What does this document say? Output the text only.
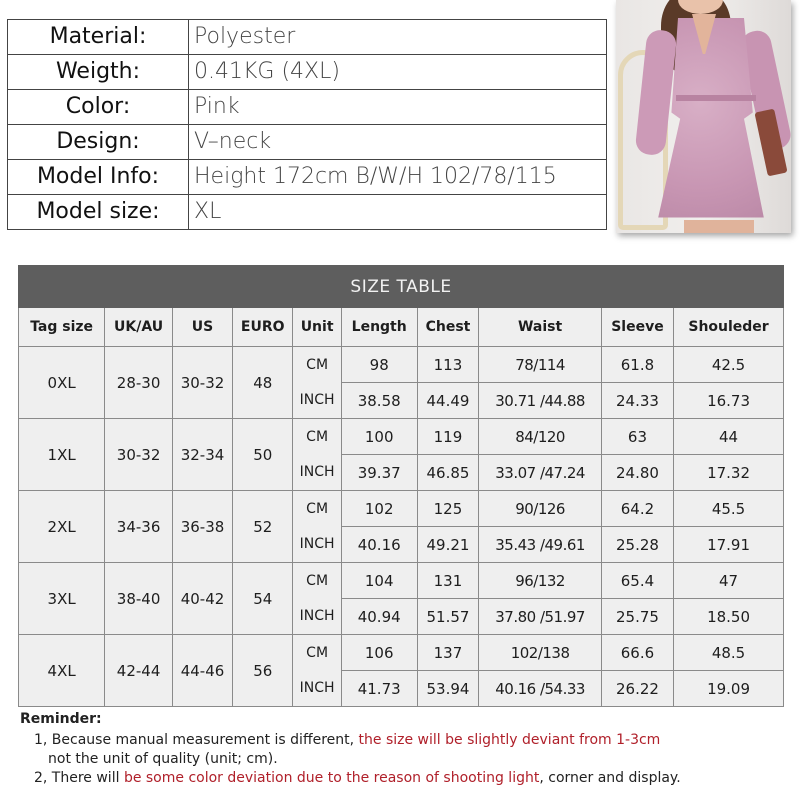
Material:	Polyester
Weigth:	0.41KG (4XL)
Color:	Pink
Design:	V–neck
Model Info:	Height 172cm B/W/H 102/78/115
Model size:	XL
SIZE TABLE									
Tag size	UK/AU	US	EURO	Unit	Length	Chest	Waist	Sleeve	Shouleder
0XL	28-30	30-32	48	CM	98	113	78/114	61.8	42.5
				INCH	38.58	44.49	30.71 /44.88	24.33	16.73
1XL	30-32	32-34	50	CM	100	119	84/120	63	44
				INCH	39.37	46.85	33.07 /47.24	24.80	17.32
2XL	34-36	36-38	52	CM	102	125	90/126	64.2	45.5
				INCH	40.16	49.21	35.43 /49.61	25.28	17.91
3XL	38-40	40-42	54	CM	104	131	96/132	65.4	47
				INCH	40.94	51.57	37.80 /51.97	25.75	18.50
4XL	42-44	44-46	56	CM	106	137	102/138	66.6	48.5
				INCH	41.73	53.94	40.16 /54.33	26.22	19.09
Reminder:
1, Because manual measurement is different, the size will be slightly deviant from 1-3cm
not the unit of quality (unit; cm).
2, There will be some color deviation due to the reason of shooting light, corner and display.
